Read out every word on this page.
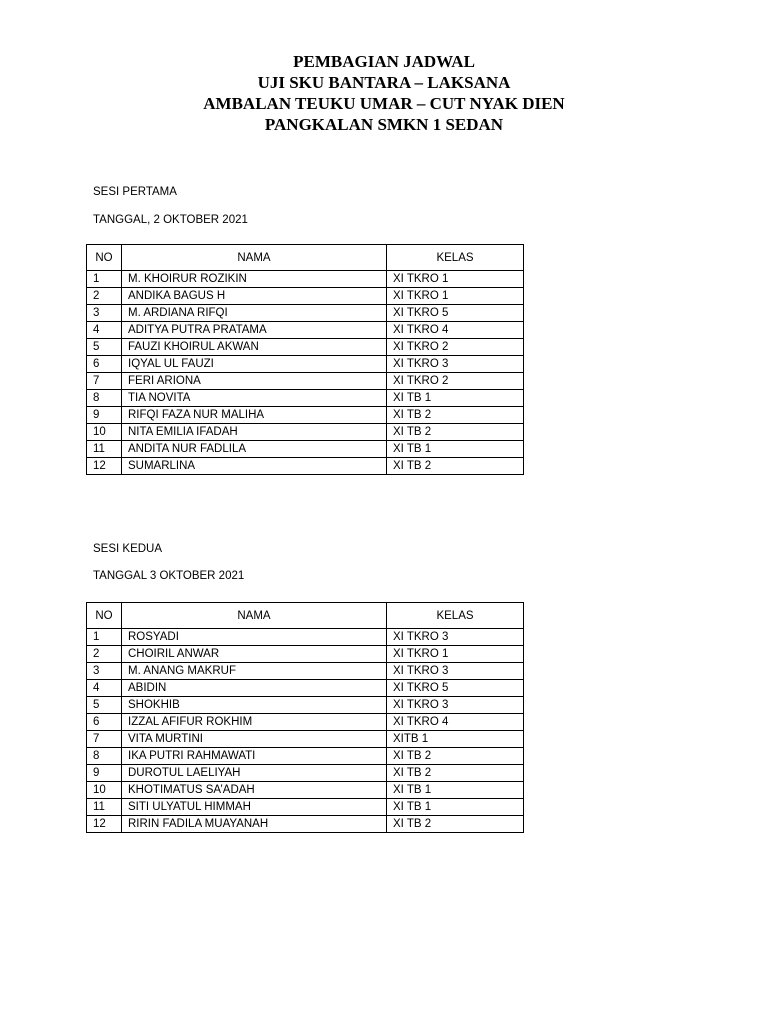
PEMBAGIAN JADWAL
UJI SKU BANTARA – LAKSANA
AMBALAN TEUKU UMAR – CUT NYAK DIEN
PANGKALAN SMKN 1 SEDAN
SESI PERTAMA
TANGGAL, 2 OKTOBER 2021
NO	NAMA	KELAS
1	M. KHOIRUR ROZIKIN	XI TKRO 1
2	ANDIKA BAGUS H	XI TKRO 1
3	M. ARDIANA RIFQI	XI TKRO 5
4	ADITYA PUTRA PRATAMA	XI TKRO 4
5	FAUZI KHOIRUL AKWAN	XI TKRO 2
6	IQYAL UL FAUZI	XI TKRO 3
7	FERI ARIONA	XI TKRO 2
8	TIA NOVITA	XI TB 1
9	RIFQI FAZA NUR MALIHA	XI TB 2
10	NITA EMILIA IFADAH	XI TB 2
11	ANDITA NUR FADLILA	XI TB 1
12	SUMARLINA	XI TB 2
SESI KEDUA
TANGGAL 3 OKTOBER 2021
NO	NAMA	KELAS
1	ROSYADI	XI TKRO 3
2	CHOIRIL ANWAR	XI TKRO 1
3	M. ANANG MAKRUF	XI TKRO 3
4	ABIDIN	XI TKRO 5
5	SHOKHIB	XI TKRO 3
6	IZZAL AFIFUR ROKHIM	XI TKRO 4
7	VITA MURTINI	XITB 1
8	IKA PUTRI RAHMAWATI	XI TB 2
9	DUROTUL LAELIYAH	XI TB 2
10	KHOTIMATUS SA’ADAH	XI TB 1
11	SITI ULYATUL HIMMAH	XI TB 1
12	RIRIN FADILA MUAYANAH	XI TB 2
